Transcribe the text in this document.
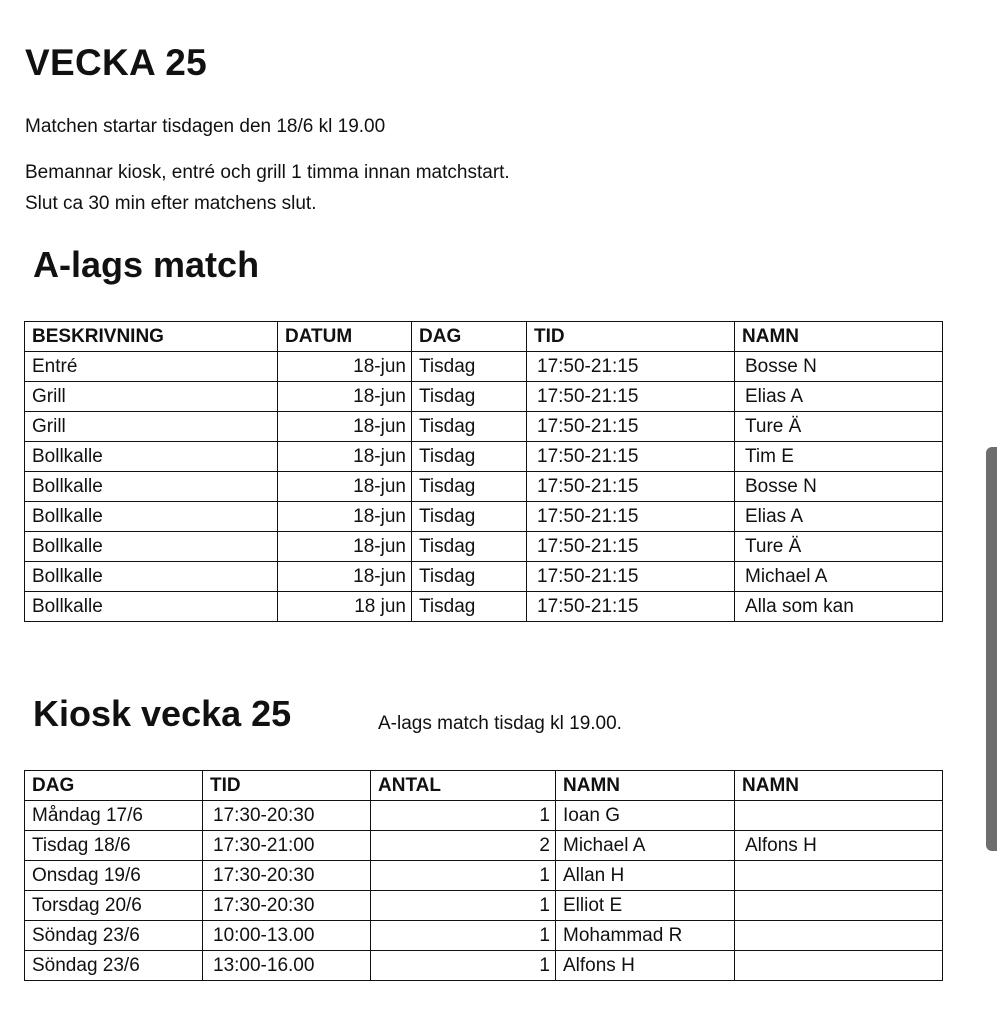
VECKA 25

Matchen startar tisdagen den 18/6 kl 19.00

Bemannar kiosk, entré och grill 1 timma innan matchstart.

Slut ca 30 min efter matchens slut.

A-lags match
BESKRIVNING	DATUM	DAG	TID	NAMN
Entré	18-jun	Tisdag	17:50-21:15	Bosse N
Grill	18-jun	Tisdag	17:50-21:15	Elias A
Grill	18-jun	Tisdag	17:50-21:15	Ture Ä
Bollkalle	18-jun	Tisdag	17:50-21:15	Tim E
Bollkalle	18-jun	Tisdag	17:50-21:15	Bosse N
Bollkalle	18-jun	Tisdag	17:50-21:15	Elias A
Bollkalle	18-jun	Tisdag	17:50-21:15	Ture Ä
Bollkalle	18-jun	Tisdag	17:50-21:15	Michael A
Bollkalle	18 jun	Tisdag	17:50-21:15	Alla som kan
Kiosk vecka 25	A-lags match tisdag kl 19.00.

DAG	TID	ANTAL	NAMN	NAMN
Måndag 17/6	17:30-20:30	1	Ioan G	
Tisdag 18/6	17:30-21:00	2	Michael A	Alfons H
Onsdag 19/6	17:30-20:30	1	Allan H	
Torsdag 20/6	17:30-20:30	1	Elliot E	
Söndag 23/6	10:00-13.00	1	Mohammad R	
Söndag 23/6	13:00-16.00	1	Alfons H	
